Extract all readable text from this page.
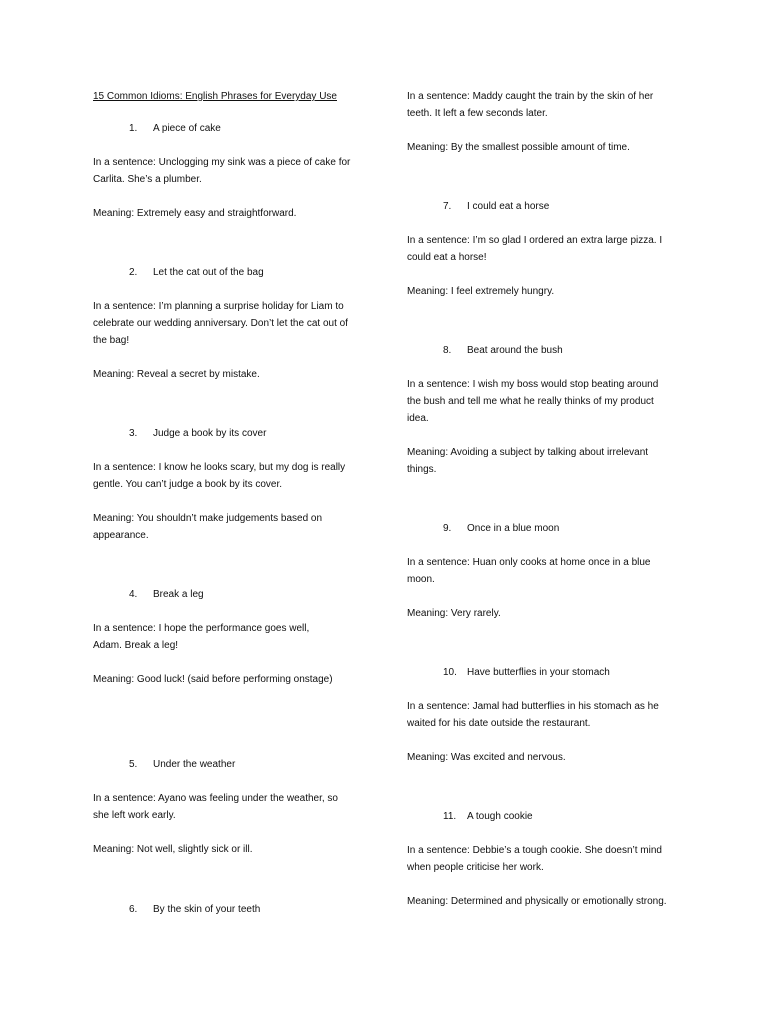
15 Common Idioms: English Phrases for Everyday Use

1. A piece of cake

In a sentence: Unclogging my sink was a piece of cake for

Carlita. She’s a plumber.

Meaning: Extremely easy and straightforward.

2. Let the cat out of the bag

In a sentence: I’m planning a surprise holiday for Liam to

celebrate our wedding anniversary. Don’t let the cat out of

the bag!

Meaning: Reveal a secret by mistake.

3. Judge a book by its cover

In a sentence: I know he looks scary, but my dog is really

gentle. You can’t judge a book by its cover.

Meaning: You shouldn’t make judgements based on

appearance.

4. Break a leg

In a sentence: I hope the performance goes well,

Adam. Break a leg!

Meaning: Good luck! (said before performing onstage)

5. Under the weather

In a sentence: Ayano was feeling under the weather, so

she left work early.

Meaning: Not well, slightly sick or ill.

6. By the skin of your teeth

In a sentence: Maddy caught the train by the skin of her

teeth. It left a few seconds later.

Meaning: By the smallest possible amount of time.

7. I could eat a horse

In a sentence: I’m so glad I ordered an extra large pizza. I

could eat a horse!

Meaning: I feel extremely hungry.

8. Beat around the bush

In a sentence: I wish my boss would stop beating around

the bush and tell me what he really thinks of my product

idea.

Meaning: Avoiding a subject by talking about irrelevant

things.

9. Once in a blue moon

In a sentence: Huan only cooks at home once in a blue

moon.

Meaning: Very rarely.

10. Have butterflies in your stomach

In a sentence: Jamal had butterflies in his stomach as he

waited for his date outside the restaurant.

Meaning: Was excited and nervous.

11. A tough cookie

In a sentence: Debbie’s a tough cookie. She doesn’t mind

when people criticise her work.

Meaning: Determined and physically or emotionally strong.
